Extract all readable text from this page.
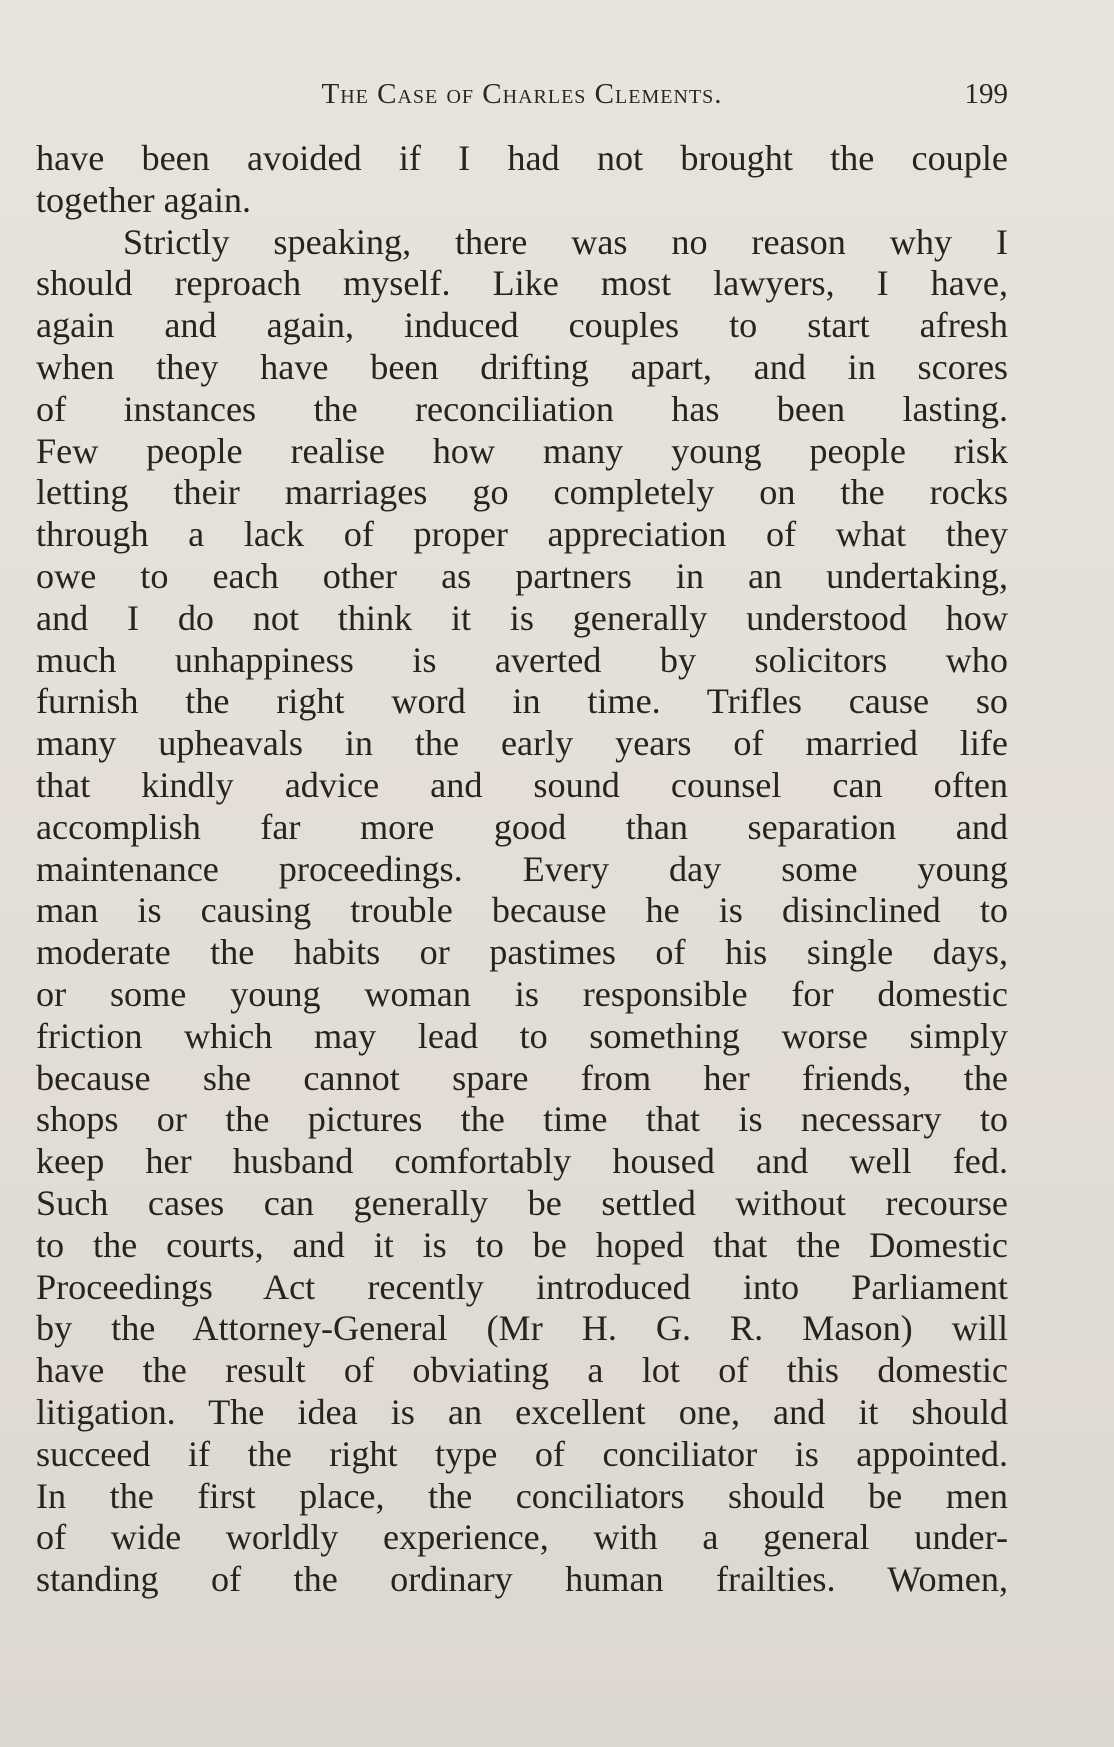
The Case of Charles Clements.	199
have been avoided if I had not brought the couple
together again.
Strictly speaking, there was no reason why I
should reproach myself. Like most lawyers, I have,
again and again, induced couples to start afresh
when they have been drifting apart, and in scores
of instances the reconciliation has been lasting.
Few people realise how many young people risk
letting their marriages go completely on the rocks
through a lack of proper appreciation of what they
owe to each other as partners in an undertaking,
and I do not think it is generally understood how
much unhappiness is averted by solicitors who
furnish the right word in time. Trifles cause so
many upheavals in the early years of married life
that kindly advice and sound counsel can often
accomplish far more good than separation and
maintenance proceedings. Every day some young
man is causing trouble because he is disinclined to
moderate the habits or pastimes of his single days,
or some young woman is responsible for domestic
friction which may lead to something worse simply
because she cannot spare from her friends, the
shops or the pictures the time that is necessary to
keep her husband comfortably housed and well fed.
Such cases can generally be settled without recourse
to the courts, and it is to be hoped that the Domestic
Proceedings Act recently introduced into Parliament
by the Attorney-General (Mr H. G. R. Mason) will
have the result of obviating a lot of this domestic
litigation. The idea is an excellent one, and it should
succeed if the right type of conciliator is appointed.
In the first place, the conciliators should be men
of wide worldly experience, with a general under-
standing of the ordinary human frailties. Women,
